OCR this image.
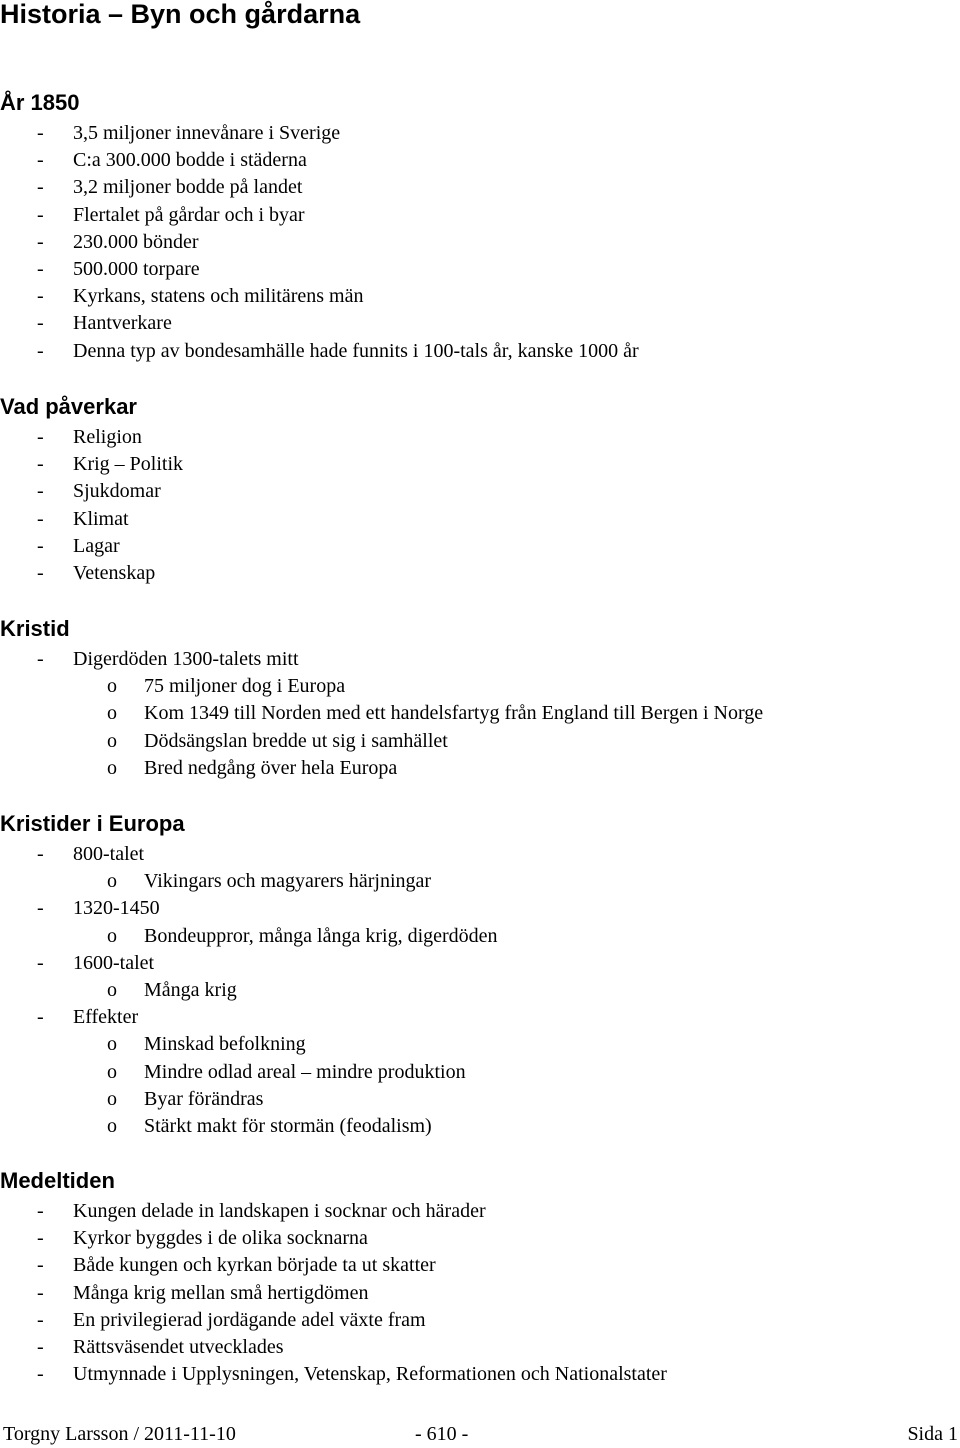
Historia – Byn och gårdarna
År 1850
- 3,5 miljoner innevånare i Sverige
- C:a 300.000 bodde i städerna
- 3,2 miljoner bodde på landet
- Flertalet på gårdar och i byar
- 230.000 bönder
- 500.000 torpare
- Kyrkans, statens och militärens män
- Hantverkare
- Denna typ av bondesamhälle hade funnits i 100-tals år, kanske 1000 år
Vad påverkar
- Religion
- Krig – Politik
- Sjukdomar
- Klimat
- Lagar
- Vetenskap
Kristid
- Digerdöden 1300-talets mitt
o 75 miljoner dog i Europa
o Kom 1349 till Norden med ett handelsfartyg från England till Bergen i Norge
o Dödsängslan bredde ut sig i samhället
o Bred nedgång över hela Europa
Kristider i Europa
- 800-talet
o Vikingars och magyarers härjningar
- 1320-1450
o Bondeuppror, många långa krig, digerdöden
- 1600-talet
o Många krig
- Effekter
o Minskad befolkning
o Mindre odlad areal – mindre produktion
o Byar förändras
o Stärkt makt för stormän (feodalism)
Medeltiden
- Kungen delade in landskapen i socknar och härader
- Kyrkor byggdes i de olika socknarna
- Både kungen och kyrkan började ta ut skatter
- Många krig mellan små hertigdömen
- En privilegierad jordägande adel växte fram
- Rättsväsendet utvecklades
- Utmynnade i Upplysningen, Vetenskap, Reformationen och Nationalstater
Torgny Larsson / 2011-11-10	- 610 -	Sida 1
